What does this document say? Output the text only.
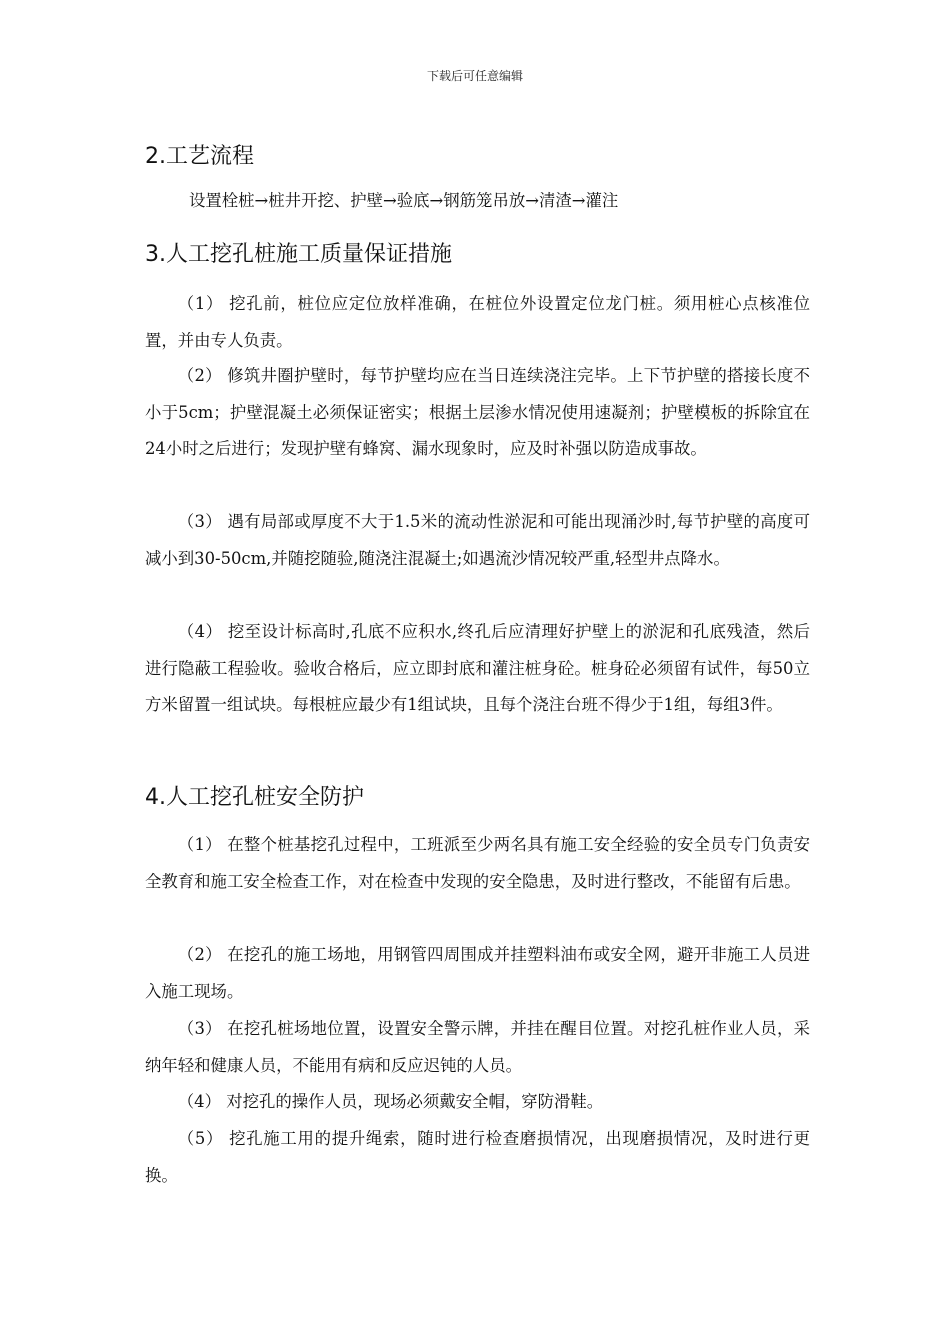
下载后可任意编辑
2.工艺流程
设置栓桩→桩井开挖、护壁→验底→钢筋笼吊放→清渣→灌注
3.人工挖孔桩施工质量保证措施
（1） 挖孔前，桩位应定位放样准确，在桩位外设置定位龙门桩。须用桩心点核准位置，并由专人负责。
（2） 修筑井圈护壁时，每节护壁均应在当日连续浇注完毕。上下节护壁的搭接长度不小于5cm；护壁混凝土必须保证密实；根据土层渗水情况使用速凝剂；护壁模板的拆除宜在24小时之后进行；发现护壁有蜂窝、漏水现象时，应及时补强以防造成事故。
（3） 遇有局部或厚度不大于1.5米的流动性淤泥和可能出现涌沙时,每节护壁的高度可减小到30-50cm,并随挖随验,随浇注混凝土;如遇流沙情况较严重,轻型井点降水。
（4） 挖至设计标高时,孔底不应积水,终孔后应清理好护壁上的淤泥和孔底残渣，然后进行隐蔽工程验收。验收合格后，应立即封底和灌注桩身砼。桩身砼必须留有试件，每50立方米留置一组试块。每根桩应最少有1组试块，且每个浇注台班不得少于1组，每组3件。
4.人工挖孔桩安全防护
（1） 在整个桩基挖孔过程中，工班派至少两名具有施工安全经验的安全员专门负责安全教育和施工安全检查工作，对在检查中发现的安全隐患，及时进行整改，不能留有后患。
（2） 在挖孔的施工场地，用钢管四周围成并挂塑料油布或安全网，避开非施工人员进入施工现场。
（3） 在挖孔桩场地位置，设置安全警示牌，并挂在醒目位置。对挖孔桩作业人员，采纳年轻和健康人员，不能用有病和反应迟钝的人员。
（4） 对挖孔的操作人员，现场必须戴安全帽，穿防滑鞋。
（5） 挖孔施工用的提升绳索，随时进行检查磨损情况，出现磨损情况，及时进行更换。
